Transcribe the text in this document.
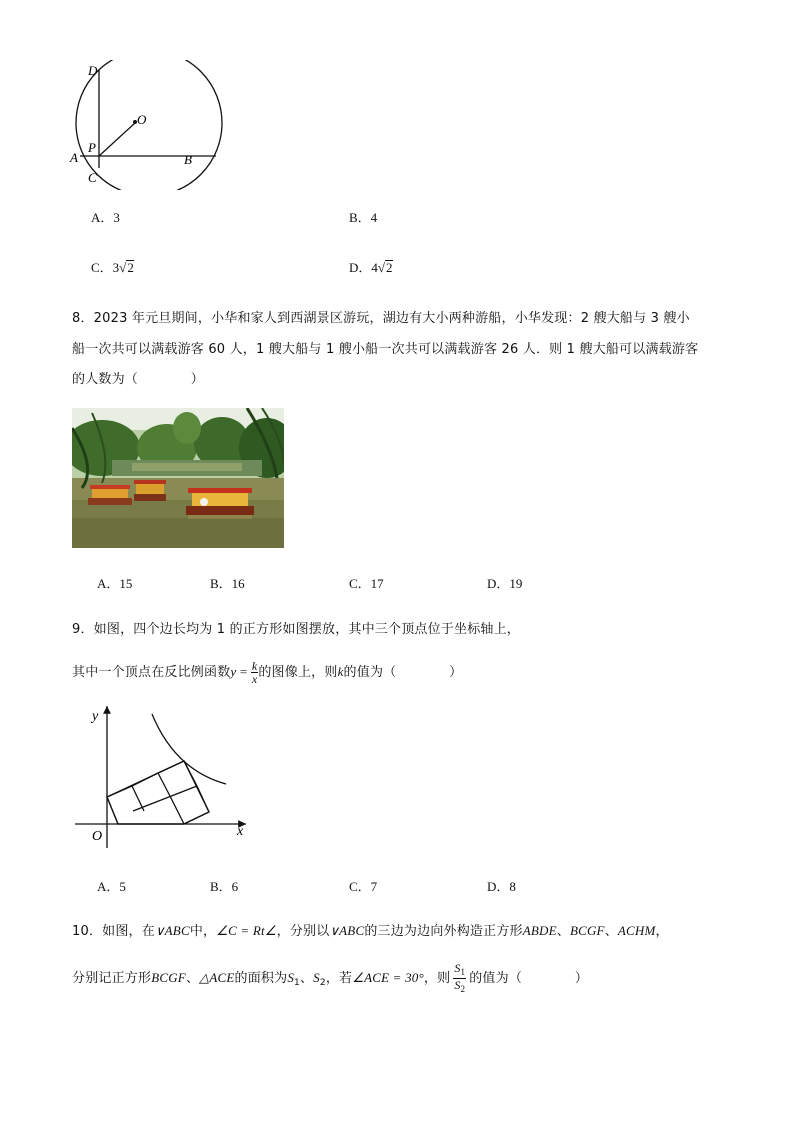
D
O
P
A	B
C
A．3	B．4
C．3√2	D．4√2
8．2023 年元旦期间，小华和家人到西湖景区游玩，湖边有大小两种游船，小华发现：2 艘大船与 3 艘小
船一次共可以满载游客 60 人，1 艘大船与 1 艘小船一次共可以满载游客 26 人．则 1 艘大船可以满载游客
的人数为（　　　　）
A．15	B．16	C．17	D．19
9．如图，四个边长均为 1 的正方形如图摆放，其中三个顶点位于坐标轴上，
其中一个顶点在反比例函数$y = \frac{k}{x}$ 的图像上，则k的值为（　　　　）
y
x
O
A．5	B．6	C．7	D．8
10．如图，在∨ABC中，∠C = Rt∠，分别以∨ABC的三边为边向外构造正方形ABDE、BCGF、ACHM，
分别记正方形BCGF、△ACE的面积为$S_1$、$S_2$，若∠ACE = 30°，则 $\frac{S_1}{S_2}$ 的值为（　　　　）
